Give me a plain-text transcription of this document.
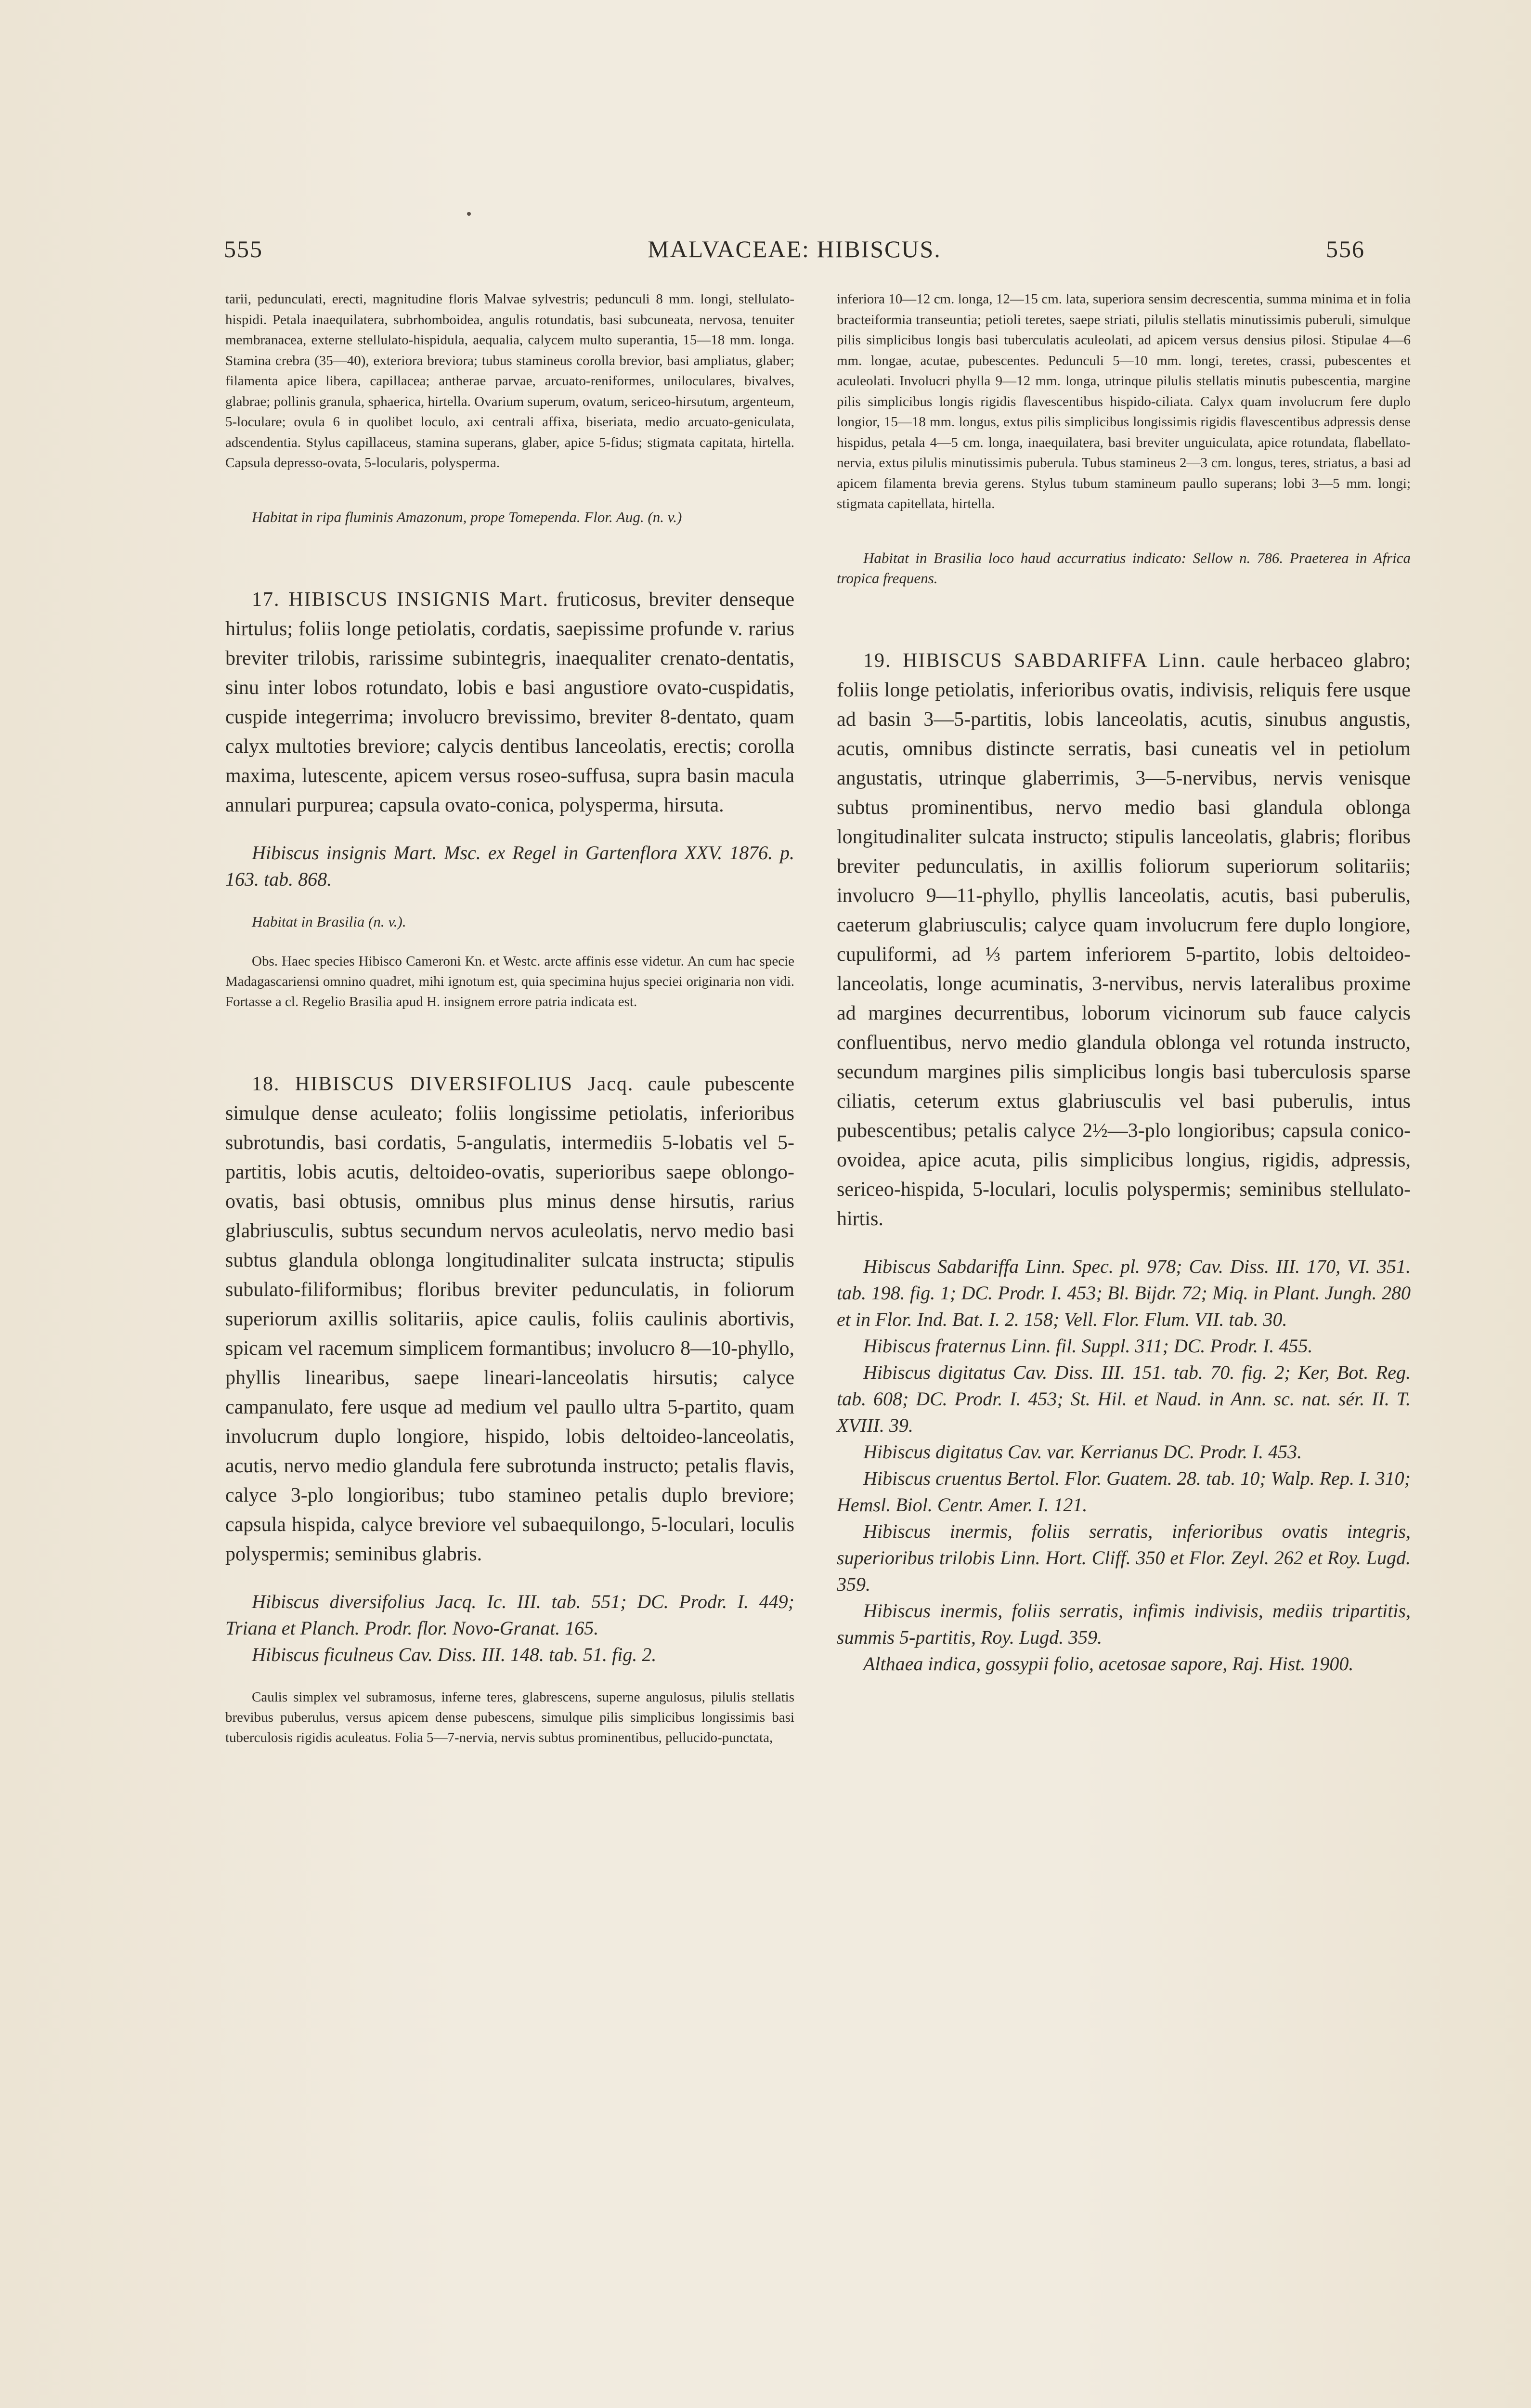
555	MALVACEAE: HIBISCUS.	556

tarii, pedunculati, erecti, magnitudine floris Malvae sylvestris; pedunculi 8 mm. longi, stellulato-hispidi. Petala inaequilatera, subrhomboidea, angulis rotundatis, basi subcuneata, nervosa, tenuiter membranacea, externe stellulato-hispidula, aequalia, calycem multo superantia, 15—18 mm. longa. Stamina crebra (35—40), exteriora breviora; tubus stamineus corolla brevior, basi ampliatus, glaber; filamenta apice libera, capillacea; antherae parvae, arcuato-reniformes, uniloculares, bivalves, glabrae; pollinis granula, sphaerica, hirtella. Ovarium superum, ovatum, sericeo-hirsutum, argenteum, 5-loculare; ovula 6 in quolibet loculo, axi centrali affixa, biseriata, medio arcuato-geniculata, adscendentia. Stylus capillaceus, stamina superans, glaber, apice 5-fidus; stigmata capitata, hirtella. Capsula depresso-ovata, 5-locularis, polysperma.

Habitat in ripa fluminis Amazonum, prope Tomependa. Flor. Aug. (n. v.)

17. HIBISCUS INSIGNIS Mart. fruticosus, breviter denseque hirtulus; foliis longe petiolatis, cordatis, saepissime profunde v. rarius breviter trilobis, rarissime subintegris, inaequaliter crenato-dentatis, sinu inter lobos rotundato, lobis e basi angustiore ovato-cuspidatis, cuspide integerrima; involucro brevissimo, breviter 8-dentato, quam calyx multoties breviore; calycis dentibus lanceolatis, erectis; corolla maxima, lutescente, apicem versus roseo-suffusa, supra basin macula annulari purpurea; capsula ovato-conica, polysperma, hirsuta.

Hibiscus insignis Mart. Msc. ex Regel in Gartenflora XXV. 1876. p. 163. tab. 868.

Habitat in Brasilia (n. v.).

Obs. Haec species Hibisco Cameroni Kn. et Westc. arcte affinis esse videtur. An cum hac specie Madagascariensi omnino quadret, mihi ignotum est, quia specimina hujus speciei originaria non vidi. Fortasse a cl. Regelio Brasilia apud H. insignem errore patria indicata est.

18. HIBISCUS DIVERSIFOLIUS Jacq. caule pubescente simulque dense aculeato; foliis longissime petiolatis, inferioribus subrotundis, basi cordatis, 5-angulatis, intermediis 5-lobatis vel 5-partitis, lobis acutis, deltoideo-ovatis, superioribus saepe oblongo-ovatis, basi obtusis, omnibus plus minus dense hirsutis, rarius glabriusculis, subtus secundum nervos aculeolatis, nervo medio basi subtus glandula oblonga longitudinaliter sulcata instructa; stipulis subulato-filiformibus; floribus breviter pedunculatis, in foliorum superiorum axillis solitariis, apice caulis, foliis caulinis abortivis, spicam vel racemum simplicem formantibus; involucro 8—10-phyllo, phyllis linearibus, saepe lineari-lanceolatis hirsutis; calyce campanulato, fere usque ad medium vel paullo ultra 5-partito, quam involucrum duplo longiore, hispido, lobis deltoideo-lanceolatis, acutis, nervo medio glandula fere subrotunda instructo; petalis flavis, calyce 3-plo longioribus; tubo stamineo petalis duplo breviore; capsula hispida, calyce breviore vel subaequilongo, 5-loculari, loculis polyspermis; seminibus glabris.

Hibiscus diversifolius Jacq. Ic. III. tab. 551; DC. Prodr. I. 449; Triana et Planch. Prodr. flor. Novo-Granat. 165.

Hibiscus ficulneus Cav. Diss. III. 148. tab. 51. fig. 2.

Caulis simplex vel subramosus, inferne teres, glabrescens, superne angulosus, pilulis stellatis brevibus puberulus, versus apicem dense pubescens, simulque pilis simplicibus longissimis basi tuberculosis rigidis aculeatus. Folia 5—7-nervia, nervis subtus prominentibus, pellucido-punctata,

inferiora 10—12 cm. longa, 12—15 cm. lata, superiora sensim decrescentia, summa minima et in folia bracteiformia transeuntia; petioli teretes, saepe striati, pilulis stellatis minutissimis puberuli, simulque pilis simplicibus longis basi tuberculatis aculeolati, ad apicem versus densius pilosi. Stipulae 4—6 mm. longae, acutae, pubescentes. Pedunculi 5—10 mm. longi, teretes, crassi, pubescentes et aculeolati. Involucri phylla 9—12 mm. longa, utrinque pilulis stellatis minutis pubescentia, margine pilis simplicibus longis rigidis flavescentibus hispido-ciliata. Calyx quam involucrum fere duplo longior, 15—18 mm. longus, extus pilis simplicibus longissimis rigidis flavescentibus adpressis dense hispidus, petala 4—5 cm. longa, inaequilatera, basi breviter unguiculata, apice rotundata, flabellato-nervia, extus pilulis minutissimis puberula. Tubus stamineus 2—3 cm. longus, teres, striatus, a basi ad apicem filamenta brevia gerens. Stylus tubum stamineum paullo superans; lobi 3—5 mm. longi; stigmata capitellata, hirtella.

Habitat in Brasilia loco haud accurratius indicato: Sellow n. 786. Praeterea in Africa tropica frequens.

19. HIBISCUS SABDARIFFA Linn. caule herbaceo glabro; foliis longe petiolatis, inferioribus ovatis, indivisis, reliquis fere usque ad basin 3—5-partitis, lobis lanceolatis, acutis, sinubus angustis, acutis, omnibus distincte serratis, basi cuneatis vel in petiolum angustatis, utrinque glaberrimis, 3—5-nervibus, nervis venisque subtus prominentibus, nervo medio basi glandula oblonga longitudinaliter sulcata instructo; stipulis lanceolatis, glabris; floribus breviter pedunculatis, in axillis foliorum superiorum solitariis; involucro 9—11-phyllo, phyllis lanceolatis, acutis, basi puberulis, caeterum glabriusculis; calyce quam involucrum fere duplo longiore, cupuliformi, ad ⅓ partem inferiorem 5-partito, lobis deltoideo-lanceolatis, longe acuminatis, 3-nervibus, nervis lateralibus proxime ad margines decurrentibus, loborum vicinorum sub fauce calycis confluentibus, nervo medio glandula oblonga vel rotunda instructo, secundum margines pilis simplicibus longis basi tuberculosis sparse ciliatis, ceterum extus glabriusculis vel basi puberulis, intus pubescentibus; petalis calyce 2½—3-plo longioribus; capsula conico-ovoidea, apice acuta, pilis simplicibus longius, rigidis, adpressis, sericeo-hispida, 5-loculari, loculis polyspermis; seminibus stellulato-hirtis.

Hibiscus Sabdariffa Linn. Spec. pl. 978; Cav. Diss. III. 170, VI. 351. tab. 198. fig. 1; DC. Prodr. I. 453; Bl. Bijdr. 72; Miq. in Plant. Jungh. 280 et in Flor. Ind. Bat. I. 2. 158; Vell. Flor. Flum. VII. tab. 30.

Hibiscus fraternus Linn. fil. Suppl. 311; DC. Prodr. I. 455.

Hibiscus digitatus Cav. Diss. III. 151. tab. 70. fig. 2; Ker, Bot. Reg. tab. 608; DC. Prodr. I. 453; St. Hil. et Naud. in Ann. sc. nat. sér. II. T. XVIII. 39.

Hibiscus digitatus Cav. var. Kerrianus DC. Prodr. I. 453.

Hibiscus cruentus Bertol. Flor. Guatem. 28. tab. 10; Walp. Rep. I. 310; Hemsl. Biol. Centr. Amer. I. 121.

Hibiscus inermis, foliis serratis, inferioribus ovatis integris, superioribus trilobis Linn. Hort. Cliff. 350 et Flor. Zeyl. 262 et Roy. Lugd. 359.

Hibiscus inermis, foliis serratis, infimis indivisis, mediis tripartitis, summis 5-partitis, Roy. Lugd. 359.

Althaea indica, gossypii folio, acetosae sapore, Raj. Hist. 1900.
